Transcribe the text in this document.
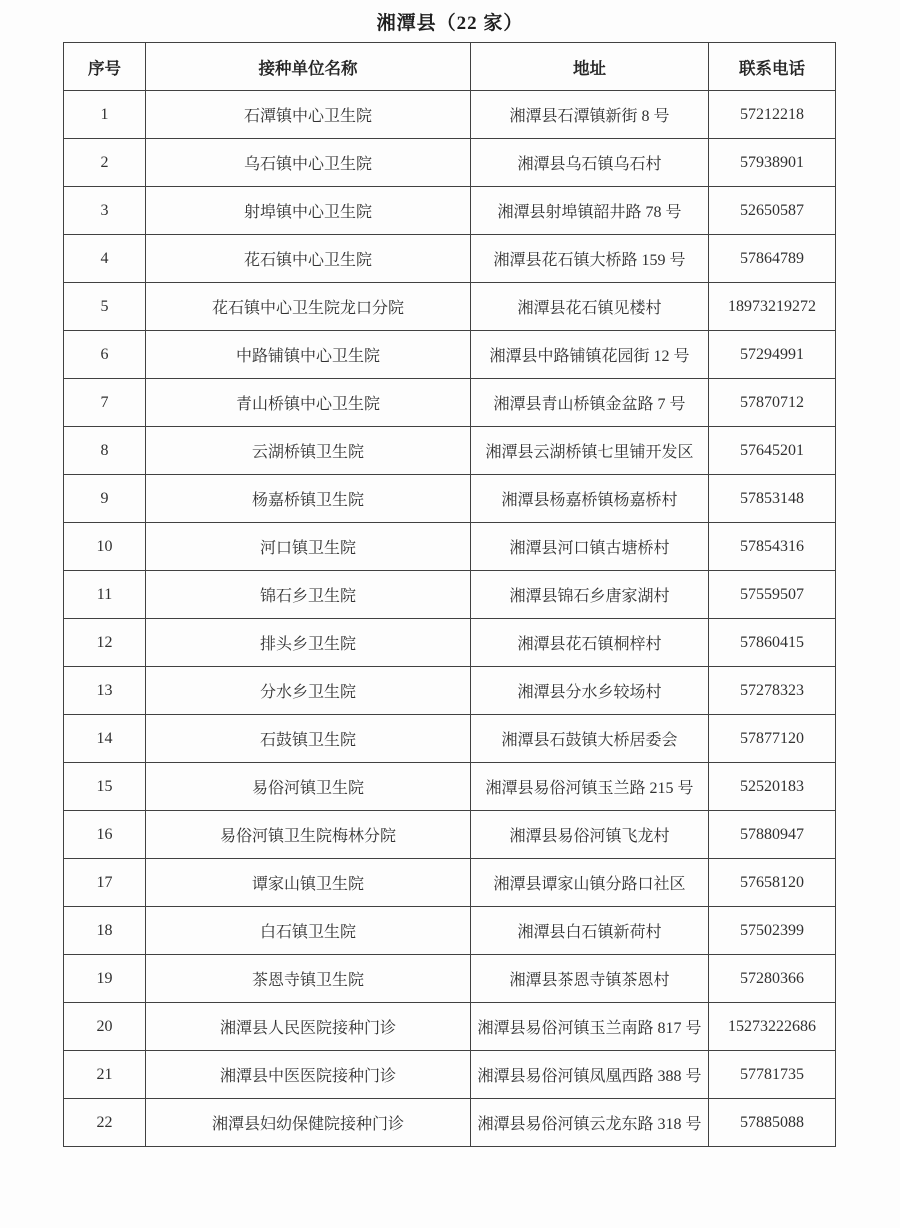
湘潭县（22 家）
序号	接种单位名称	地址	联系电话
1	石潭镇中心卫生院	湘潭县石潭镇新街 8 号	57212218
2	乌石镇中心卫生院	湘潭县乌石镇乌石村	57938901
3	射埠镇中心卫生院	湘潭县射埠镇韶井路 78 号	52650587
4	花石镇中心卫生院	湘潭县花石镇大桥路 159 号	57864789
5	花石镇中心卫生院龙口分院	湘潭县花石镇见楼村	18973219272
6	中路铺镇中心卫生院	湘潭县中路铺镇花园街 12 号	57294991
7	青山桥镇中心卫生院	湘潭县青山桥镇金盆路 7 号	57870712
8	云湖桥镇卫生院	湘潭县云湖桥镇七里铺开发区	57645201
9	杨嘉桥镇卫生院	湘潭县杨嘉桥镇杨嘉桥村	57853148
10	河口镇卫生院	湘潭县河口镇古塘桥村	57854316
11	锦石乡卫生院	湘潭县锦石乡唐家湖村	57559507
12	排头乡卫生院	湘潭县花石镇桐梓村	57860415
13	分水乡卫生院	湘潭县分水乡较场村	57278323
14	石鼓镇卫生院	湘潭县石鼓镇大桥居委会	57877120
15	易俗河镇卫生院	湘潭县易俗河镇玉兰路 215 号	52520183
16	易俗河镇卫生院梅林分院	湘潭县易俗河镇飞龙村	57880947
17	谭家山镇卫生院	湘潭县谭家山镇分路口社区	57658120
18	白石镇卫生院	湘潭县白石镇新荷村	57502399
19	茶恩寺镇卫生院	湘潭县茶恩寺镇茶恩村	57280366
20	湘潭县人民医院接种门诊	湘潭县易俗河镇玉兰南路 817 号	15273222686
21	湘潭县中医医院接种门诊	湘潭县易俗河镇凤凰西路 388 号	57781735
22	湘潭县妇幼保健院接种门诊	湘潭县易俗河镇云龙东路 318 号	57885088
